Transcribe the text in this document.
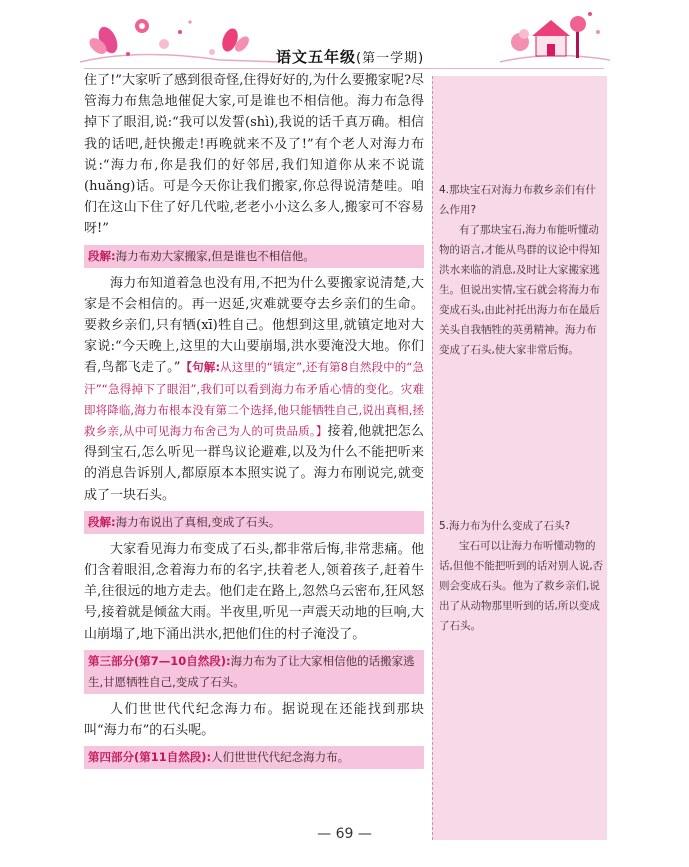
语文五年级(第一学期)

住了!”大家听了感到很奇怪,住得好好的,为什么要搬家呢?尽管海力布焦急地催促大家,可是谁也不相信他。海力布急得掉下了眼泪,说:“我可以发誓(shì),我说的话千真万确。相信我的话吧,赶快搬走!再晚就来不及了!”有个老人对海力布说:“海力布,你是我们的好邻居,我们知道你从来不说谎(huǎng)话。可是今天你让我们搬家,你总得说清楚哇。咱们在这山下住了好几代啦,老老小小这么多人,搬家可不容易呀!”

段解:海力布劝大家搬家,但是谁也不相信他。

海力布知道着急也没有用,不把为什么要搬家说清楚,大家是不会相信的。再一迟延,灾难就要夺去乡亲们的生命。要救乡亲们,只有牺(xī)牲自己。他想到这里,就镇定地对大家说:“今天晚上,这里的大山要崩塌,洪水要淹没大地。你们看,鸟都飞走了。”【句解:从这里的“镇定”,还有第8自然段中的“急汗”“急得掉下了眼泪”,我们可以看到海力布矛盾心情的变化。灾难即将降临,海力布根本没有第二个选择,他只能牺牲自己,说出真相,拯救乡亲,从中可见海力布舍己为人的可贵品质。】接着,他就把怎么得到宝石,怎么听见一群鸟议论避难,以及为什么不能把听来的消息告诉别人,都原原本本照实说了。海力布刚说完,就变成了一块石头。

段解:海力布说出了真相,变成了石头。

大家看见海力布变成了石头,都非常后悔,非常悲痛。他们含着眼泪,念着海力布的名字,扶着老人,领着孩子,赶着牛羊,往很远的地方走去。他们走在路上,忽然乌云密布,狂风怒号,接着就是倾盆大雨。半夜里,听见一声震天动地的巨响,大山崩塌了,地下涌出洪水,把他们住的村子淹没了。

第三部分(第7—10自然段):海力布为了让大家相信他的话搬家逃生,甘愿牺牲自己,变成了石头。

人们世世代代纪念海力布。据说现在还能找到那块叫“海力布”的石头呢。

第四部分(第11自然段):人们世世代代纪念海力布。

4.那块宝石对海力布救乡亲们有什么作用?

有了那块宝石,海力布能听懂动物的语言,才能从鸟群的议论中得知洪水来临的消息,及时让大家搬家逃生。但说出实情,宝石就会将海力布变成石头,由此衬托出海力布在最后关头自我牺牲的英勇精神。海力布变成了石头,使大家非常后悔。

5.海力布为什么变成了石头?

宝石可以让海力布听懂动物的话,但他不能把听到的话对别人说,否则会变成石头。他为了救乡亲们,说出了从动物那里听到的话,所以变成了石头。

— 69 —
